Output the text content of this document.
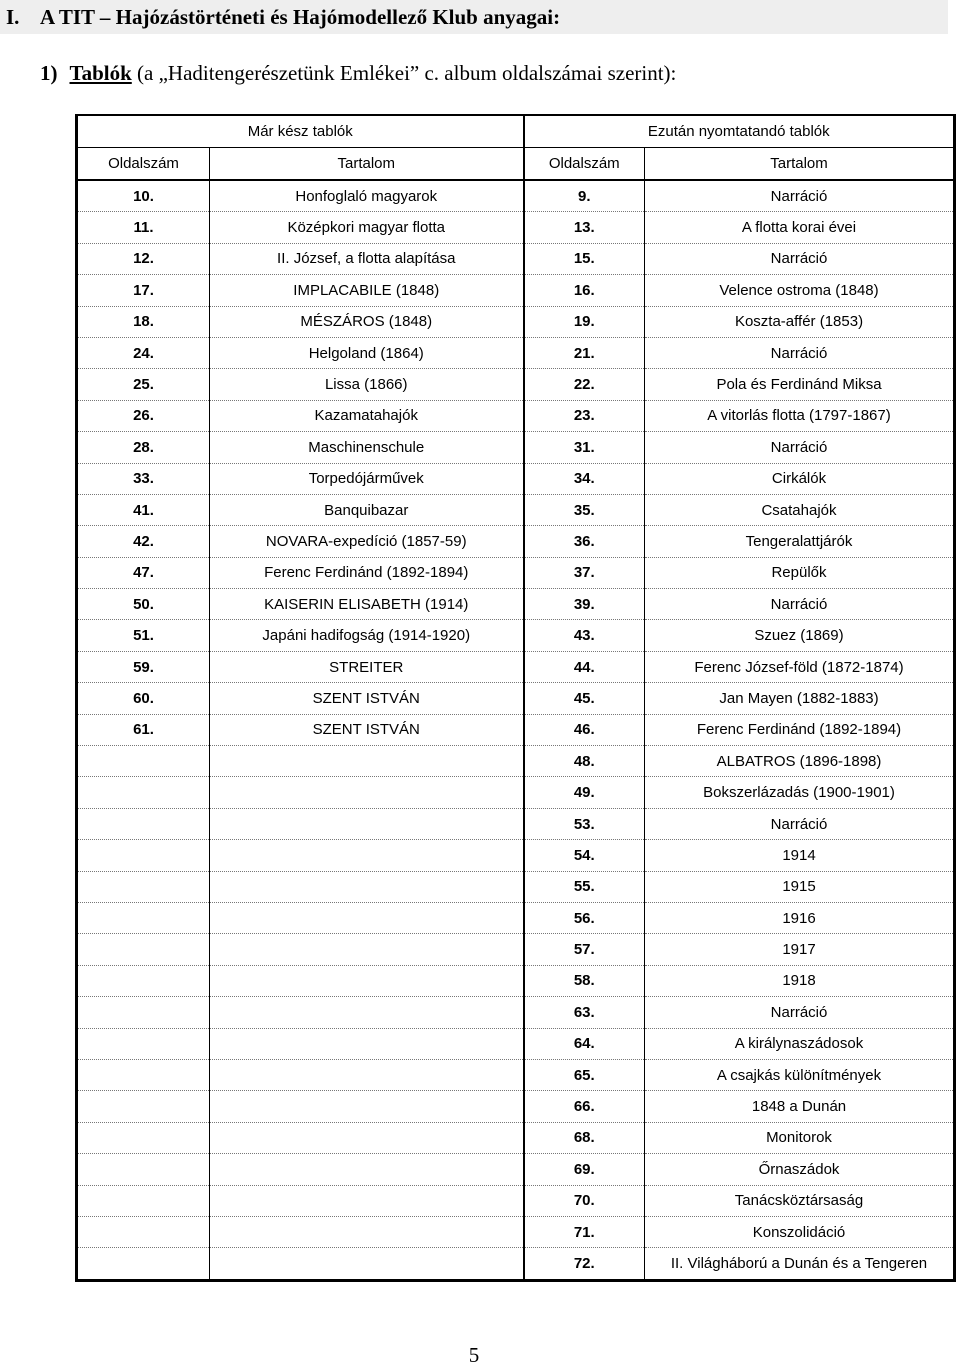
I. A TIT – Hajózástörténeti és Hajómodellező Klub anyagai:
1) Tablók (a „Haditengerészetünk Emlékei” c. album oldalszámai szerint):
Már kész tablók		Ezután nyomtatandó tablók	
Oldalszám	Tartalom	Oldalszám	Tartalom
10.	Honfoglaló magyarok	9.	Narráció
11.	Középkori magyar flotta	13.	A flotta korai évei
12.	II. József, a flotta alapítása	15.	Narráció
17.	IMPLACABILE (1848)	16.	Velence ostroma (1848)
18.	MÉSZÁROS (1848)	19.	Koszta-affér (1853)
24.	Helgoland (1864)	21.	Narráció
25.	Lissa (1866)	22.	Pola és Ferdinánd Miksa
26.	Kazamatahajók	23.	A vitorlás flotta (1797-1867)
28.	Maschinenschule	31.	Narráció
33.	Torpedójárművek	34.	Cirkálók
41.	Banquibazar	35.	Csatahajók
42.	NOVARA-expedíció (1857-59)	36.	Tengeralattjárók
47.	Ferenc Ferdinánd (1892-1894)	37.	Repülők
50.	KAISERIN ELISABETH (1914)	39.	Narráció
51.	Japáni hadifogság (1914-1920)	43.	Szuez (1869)
59.	STREITER	44.	Ferenc József-föld (1872-1874)
60.	SZENT ISTVÁN	45.	Jan Mayen (1882-1883)
61.	SZENT ISTVÁN	46.	Ferenc Ferdinánd (1892-1894)
		48.	ALBATROS (1896-1898)
		49.	Bokszerlázadás (1900-1901)
		53.	Narráció
		54.	1914
		55.	1915
		56.	1916
		57.	1917
		58.	1918
		63.	Narráció
		64.	A királynaszádosok
		65.	A csajkás különítmények
		66.	1848 a Dunán
		68.	Monitorok
		69.	Őrnaszádok
		70.	Tanácsköztársaság
		71.	Konszolidáció
		72.	II. Világháború a Dunán és a Tengeren
5
